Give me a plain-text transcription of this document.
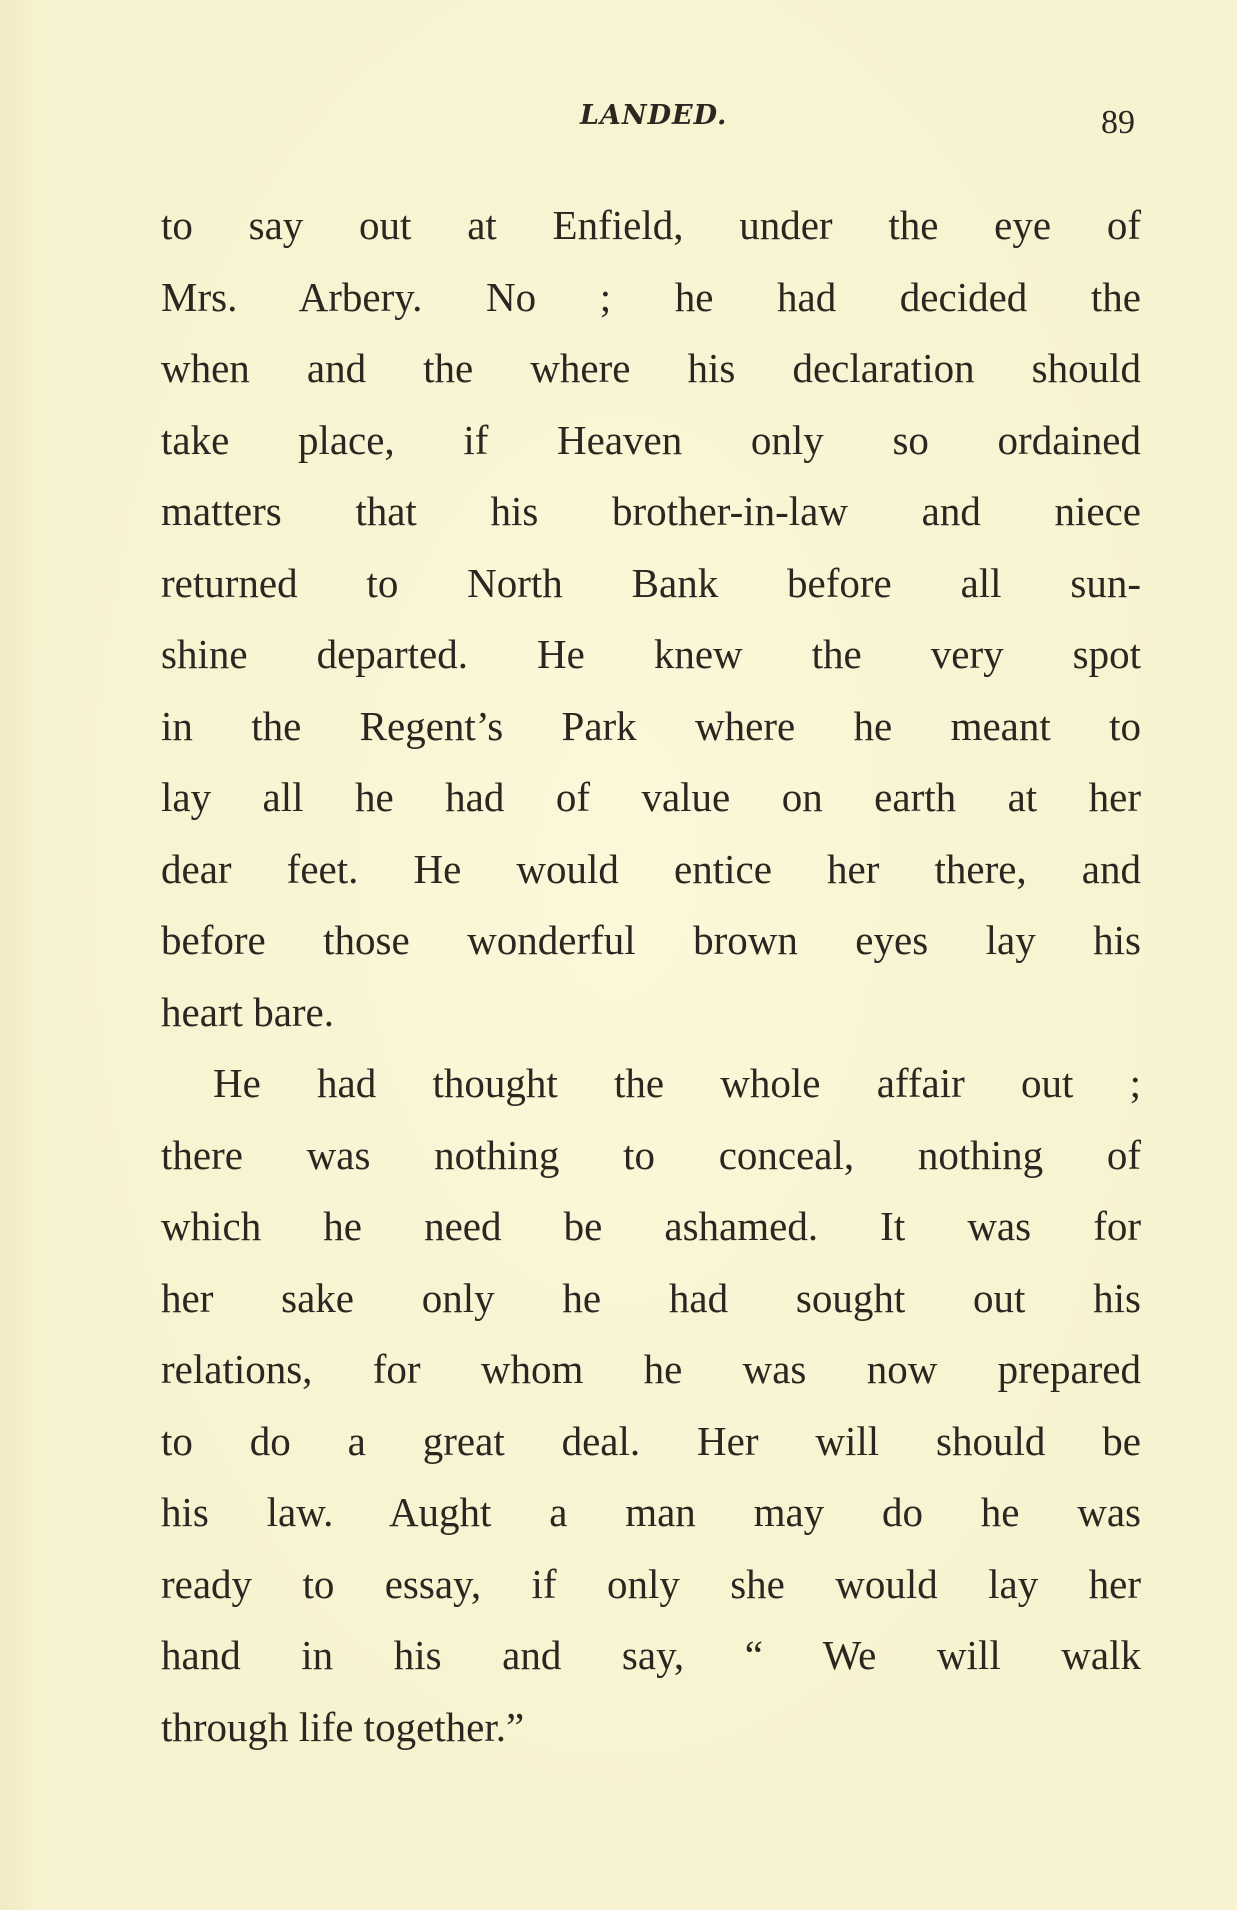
LANDED.	89
to say out at Enfield, under the eye of
Mrs. Arbery. No ; he had decided the
when and the where his declaration should
take place, if Heaven only so ordained
matters that his brother-in-law and niece
returned to North Bank before all sun-
shine departed. He knew the very spot
in the Regent’s Park where he meant to
lay all he had of value on earth at her
dear feet. He would entice her there, and
before those wonderful brown eyes lay his
heart bare.
He had thought the whole affair out ;
there was nothing to conceal, nothing of
which he need be ashamed. It was for
her sake only he had sought out his
relations, for whom he was now prepared
to do a great deal. Her will should be
his law. Aught a man may do he was
ready to essay, if only she would lay her
hand in his and say, “ We will walk
through life together.”
